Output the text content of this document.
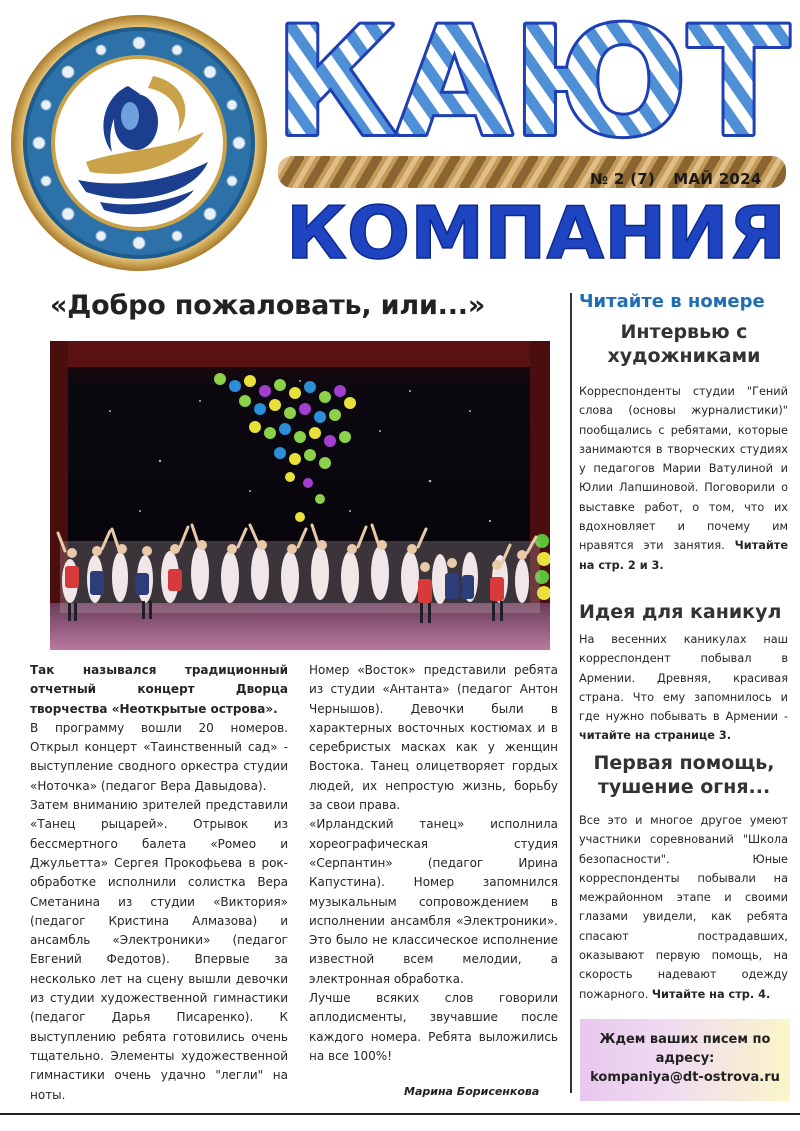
КАЮТ
№ 2 (7) МАЙ 2024
КОМПАНИЯ
«Добро пожаловать, или...»

Так назывался традиционный отчетный концерт Дворца творчества «Неоткрытые острова».

В программу вошли 20 номеров. Открыл концерт «Таинственный сад» - выступление сводного оркестра студии «Ноточка» (педагог Вера Давыдова).

Затем вниманию зрителей представили «Танец рыцарей». Отрывок из бессмертного балета «Ромео и Джульетта» Сергея Прокофьева в рок-обработке исполнили солистка Вера Сметанина из студии «Виктория» (педагог Кристина Алмазова) и ансамбль «Электроники» (педагог Евгений Федотов). Впервые за несколько лет на сцену вышли девочки из студии художественной гимнастики (педагог Дарья Писаренко). К выступлению ребята готовились очень тщательно. Элементы художественной гимнастики очень удачно "легли" на ноты.

Номер «Восток» представили ребята из студии «Антанта» (педагог Антон Чернышов). Девочки были в характерных восточных костюмах и в серебристых масках как у женщин Востока. Танец олицетворяет гордых людей, их непростую жизнь, борьбу за свои права.

«Ирландский танец» исполнила хореографическая студия «Серпантин» (педагог Ирина Капустина). Номер запомнился музыкальным сопровождением в исполнении ансамбля «Электроники». Это было не классическое исполнение известной всем мелодии, а электронная обработка.

Лучше всяких слов говорили аплодисменты, звучавшие после каждого номера. Ребята выложились на все 100%!

Марина Борисенкова
Читайте в номере
Интервью с художниками
Корреспонденты студии "Гений слова (основы журналистики)" пообщались с ребятами, которые занимаются в творческих студиях у педагогов Марии Ватулиной и Юлии Лапшиновой. Поговорили о выставке работ, о том, что их вдохновляет и почему им нравятся эти занятия. Читайте на стр. 2 и 3.
Идея для каникул
На весенних каникулах наш корреспондент побывал в Армении. Древняя, красивая страна. Что ему запомнилось и где нужно побывать в Армении - читайте на странице 3.
Первая помощь, тушение огня...
Все это и многое другое умеют участники соревнований "Школа безопасности". Юные корреспонденты побывали на межрайонном этапе и своими глазами увидели, как ребята спасают пострадавших, оказывают первую помощь, на скорость надевают одежду пожарного. Читайте на стр. 4.
Ждем ваших писем по адресу:
kompaniya@dt-ostrova.ru
